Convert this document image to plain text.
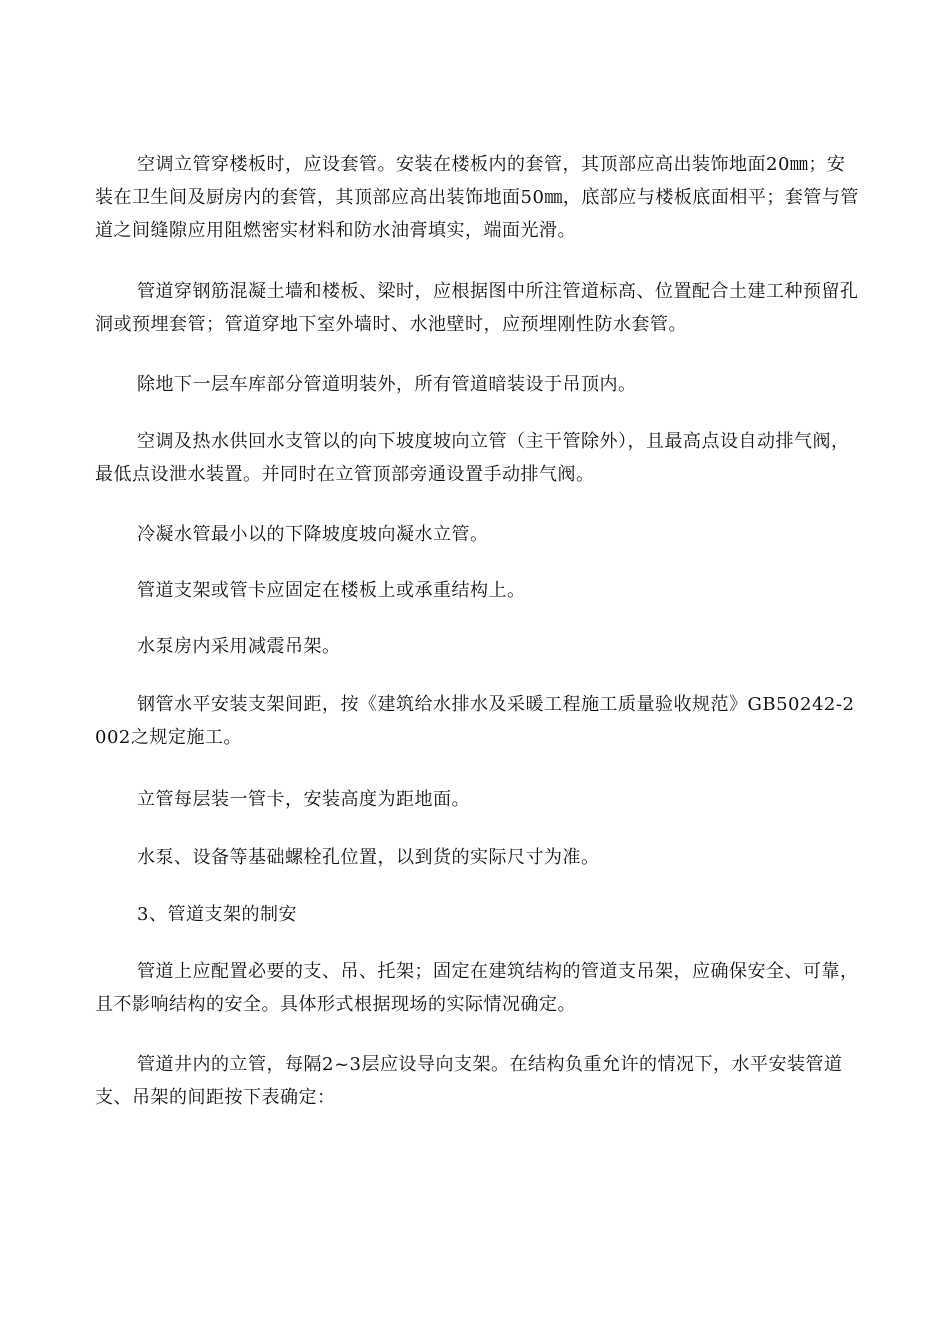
空调立管穿楼板时，应设套管。安装在楼板内的套管，其顶部应高出装饰地面20㎜；安装在卫生间及厨房内的套管，其顶部应高出装饰地面50㎜，底部应与楼板底面相平；套管与管道之间缝隙应用阻燃密实材料和防水油膏填实，端面光滑。

管道穿钢筋混凝土墙和楼板、梁时，应根据图中所注管道标高、位置配合土建工种预留孔洞或预埋套管；管道穿地下室外墙时、水池壁时，应预埋刚性防水套管。

除地下一层车库部分管道明装外，所有管道暗装设于吊顶内。

空调及热水供回水支管以的向下坡度坡向立管（主干管除外），且最高点设自动排气阀，最低点设泄水装置。并同时在立管顶部旁通设置手动排气阀。

冷凝水管最小以的下降坡度坡向凝水立管。

管道支架或管卡应固定在楼板上或承重结构上。

水泵房内采用减震吊架。

钢管水平安装支架间距，按《建筑给水排水及采暖工程施工质量验收规范》GB50242-2002之规定施工。

立管每层装一管卡，安装高度为距地面。

水泵、设备等基础螺栓孔位置，以到货的实际尺寸为准。

3、管道支架的制安

管道上应配置必要的支、吊、托架；固定在建筑结构的管道支吊架，应确保安全、可靠，且不影响结构的安全。具体形式根据现场的实际情况确定。

管道井内的立管，每隔2~3层应设导向支架。在结构负重允许的情况下，水平安装管道支、吊架的间距按下表确定：
